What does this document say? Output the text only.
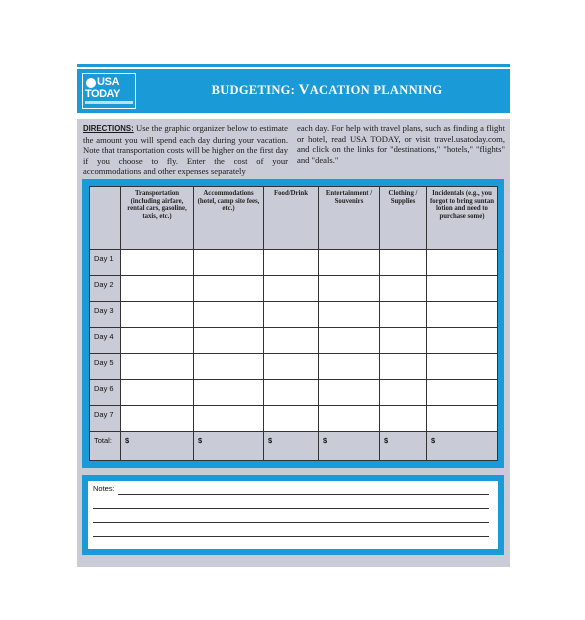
USA
TODAY	BUDGETING: VACATION PLANNING
DIRECTIONS: Use the graphic organizer below to estimate the amount you will spend each day during your vacation. Note that transportation costs will be higher on the first day if you choose to fly. Enter the cost of your accommodations and other expenses separately
each day. For help with travel plans, such as finding a flight or hotel, read USA TODAY, or visit travel.usatoday.com, and click on the links for "destinations," "hotels," "flights" and "deals."
	Transportation (including airfare, rental cars, gasoline, taxis, etc.)	Accommodations (hotel, camp site fees, etc.)	Food/Drink	Entertainment / Souvenirs	Clothing / Supplies	Incidentals (e.g., you forgot to bring suntan lotion and need to purchase some)
Day 1						
Day 2						
Day 3						
Day 4						
Day 5						
Day 6						
Day 7						
Total:	$	$	$	$	$	$
Notes:
